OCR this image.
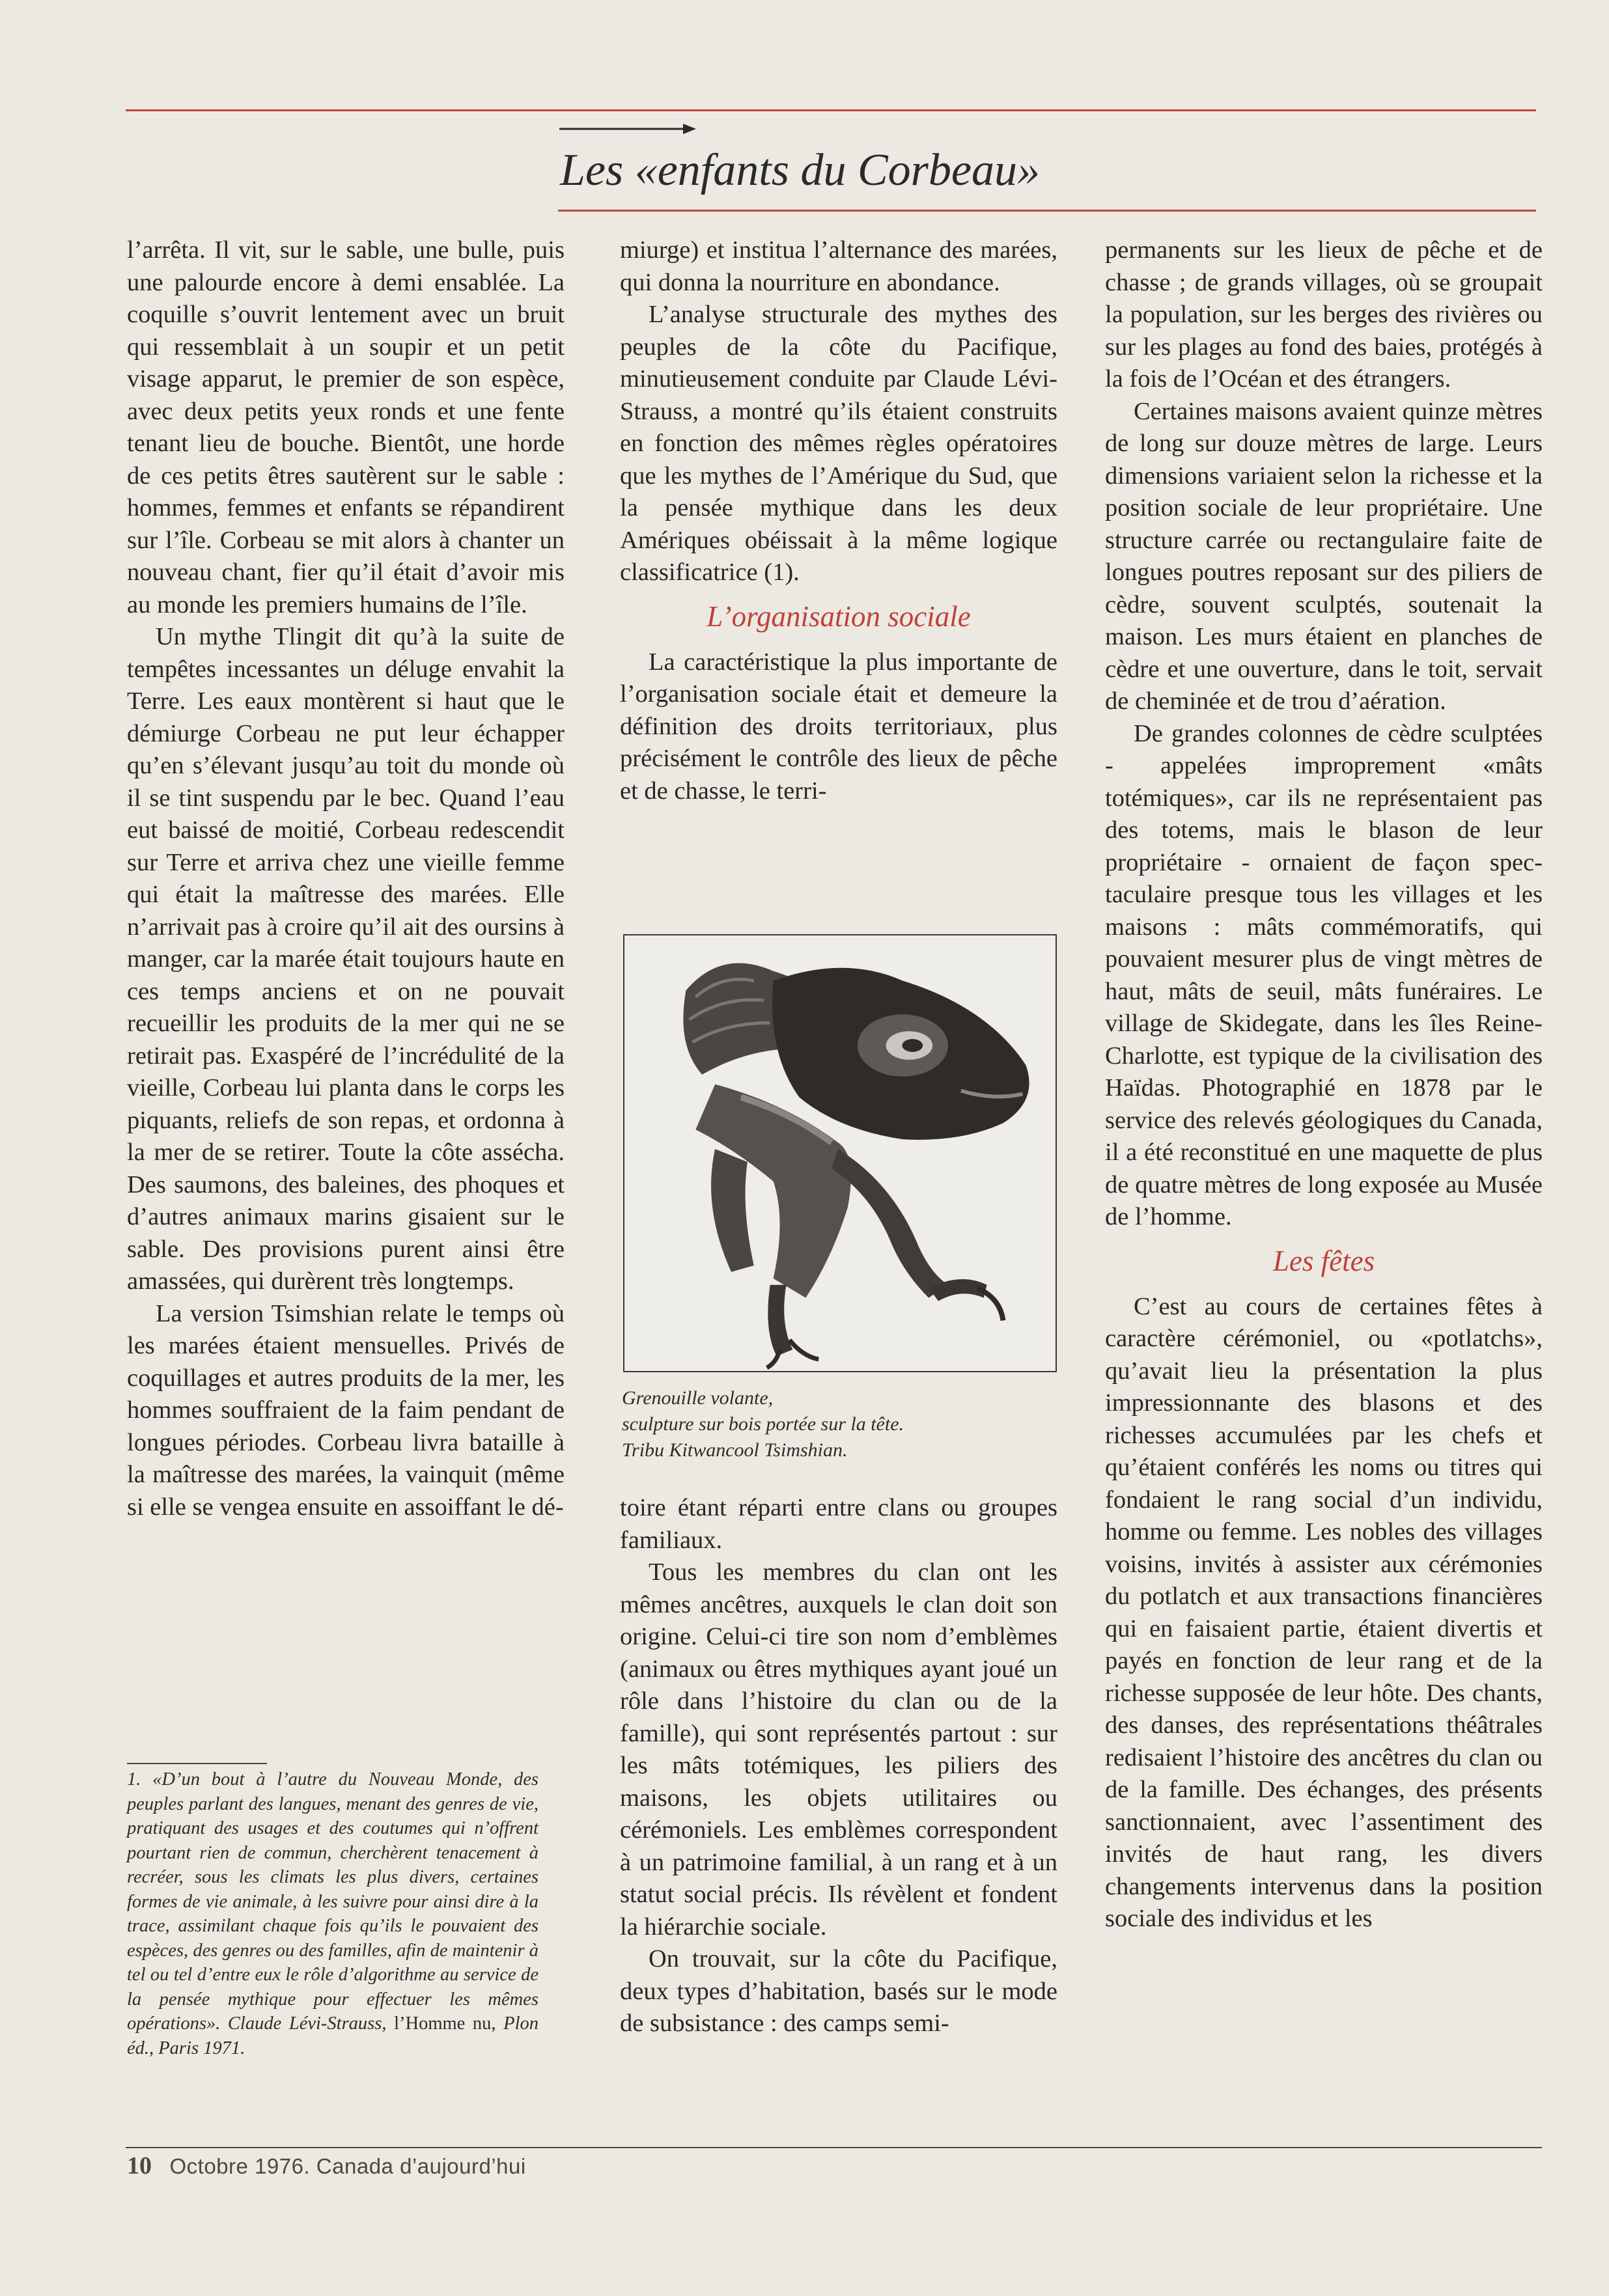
Les «enfants du Corbeau»

l’arrêta. Il vit, sur le sable, une bulle, puis une palourde encore à demi ensablée. La coquille s’ouvrit lentement avec un bruit qui ressemblait à un soupir et un petit visage apparut, le premier de son espèce, avec deux petits yeux ronds et une fente tenant lieu de bouche. Bientôt, une horde de ces petits êtres sautèrent sur le sable : hommes, femmes et enfants se répandirent sur l’île. Corbeau se mit alors à chanter un nouveau chant, fier qu’il était d’avoir mis au monde les premiers humains de l’île.

Un mythe Tlingit dit qu’à la suite de tempêtes incessantes un déluge envahit la Terre. Les eaux montèrent si haut que le démiurge Corbeau ne put leur échapper qu’en s’élevant jusqu’au toit du monde où il se tint suspendu par le bec. Quand l’eau eut baissé de moitié, Corbeau redescendit sur Terre et arriva chez une vieille femme qui était la maîtresse des marées. Elle n’arrivait pas à croire qu’il ait des oursins à manger, car la marée était toujours haute en ces temps anciens et on ne pouvait recueillir les produits de la mer qui ne se retirait pas. Exaspéré de l’incrédulité de la vieille, Corbeau lui planta dans le corps les piquants, reliefs de son repas, et ordonna à la mer de se retirer. Toute la côte assécha. Des saumons, des baleines, des phoques et d’autres animaux marins gisaient sur le sable. Des provisions purent ainsi être amassées, qui durèrent très longtemps.

La version Tsimshian relate le temps où les marées étaient mensuelles. Privés de coquillages et autres produits de la mer, les hommes souffraient de la faim pendant de longues périodes. Corbeau livra bataille à la maîtresse des marées, la vainquit (même si elle se vengea ensuite en assoiffant le dé-

miurge) et institua l’alternance des marées, qui donna la nourriture en abondance.

L’analyse structurale des mythes des peuples de la côte du Pacifique, minutieusement conduite par Claude Lévi-Strauss, a montré qu’ils étaient construits en fonction des mêmes règles opératoires que les mythes de l’Amérique du Sud, que la pensée mythique dans les deux Amériques obéissait à la même logique classificatrice (1).

L’organisation sociale

La caractéristique la plus importante de l’organisation sociale était et demeure la définition des droits territoriaux, plus précisément le contrôle des lieux de pêche et de chasse, le terri-

Grenouille volante,
sculpture sur bois portée sur la tête.
Tribu Kitwancool Tsimshian.

toire étant réparti entre clans ou groupes familiaux.

Tous les membres du clan ont les mêmes ancêtres, auxquels le clan doit son origine. Celui-ci tire son nom d’emblèmes (animaux ou êtres mythiques ayant joué un rôle dans l’histoire du clan ou de la famille), qui sont représentés partout : sur les mâts totémiques, les piliers des maisons, les objets utilitaires ou cérémoniels. Les emblèmes correspondent à un patrimoine familial, à un rang et à un statut social précis. Ils révèlent et fondent la hiérarchie sociale.

On trouvait, sur la côte du Pacifique, deux types d’habitation, basés sur le mode de subsistance : des camps semi-

permanents sur les lieux de pêche et de chasse ; de grands villages, où se groupait la population, sur les berges des rivières ou sur les plages au fond des baies, protégés à la fois de l’Océan et des étrangers.

Certaines maisons avaient quinze mètres de long sur douze mètres de large. Leurs dimensions variaient selon la richesse et la position sociale de leur propriétaire. Une structure carrée ou rectangulaire faite de longues poutres reposant sur des piliers de cèdre, souvent sculptés, soutenait la maison. Les murs étaient en planches de cèdre et une ouverture, dans le toit, servait de cheminée et de trou d’aération.

De grandes colonnes de cèdre sculptées - appelées improprement «mâts totémiques», car ils ne représentaient pas des totems, mais le blason de leur propriétaire - ornaient de façon spectaculaire presque tous les villages et les maisons : mâts commémoratifs, qui pouvaient mesurer plus de vingt mètres de haut, mâts de seuil, mâts funéraires. Le village de Skidegate, dans les îles Reine-Charlotte, est typique de la civilisation des Haïdas. Photographié en 1878 par le service des relevés géologiques du Canada, il a été reconstitué en une maquette de plus de quatre mètres de long exposée au Musée de l’homme.

Les fêtes

C’est au cours de certaines fêtes à caractère cérémoniel, ou «potlatchs», qu’avait lieu la présentation la plus impressionnante des blasons et des richesses accumulées par les chefs et qu’étaient conférés les noms ou titres qui fondaient le rang social d’un individu, homme ou femme. Les nobles des villages voisins, invités à assister aux cérémonies du potlatch et aux transactions financières qui en faisaient partie, étaient divertis et payés en fonction de leur rang et de la richesse supposée de leur hôte. Des chants, des danses, des représentations théâtrales redisaient l’histoire des ancêtres du clan ou de la famille. Des échanges, des présents sanctionnaient, avec l’assentiment des invités de haut rang, les divers changements intervenus dans la position sociale des individus et les

1. «D’un bout à l’autre du Nouveau Monde, des peuples parlant des langues, menant des genres de vie, pratiquant des usages et des coutumes qui n’offrent pourtant rien de commun, cherchèrent tenacement à recréer, sous les climats les plus divers, certaines formes de vie animale, à les suivre pour ainsi dire à la trace, assimilant chaque fois qu’ils le pouvaient des espèces, des genres ou des familles, afin de maintenir à tel ou tel d’entre eux le rôle d’algorithme au service de la pensée mythique pour effectuer les mêmes opérations». Claude Lévi-Strauss, l’Homme nu, Plon éd., Paris 1971.
10 Octobre 1976. Canada d’aujourd’hui
